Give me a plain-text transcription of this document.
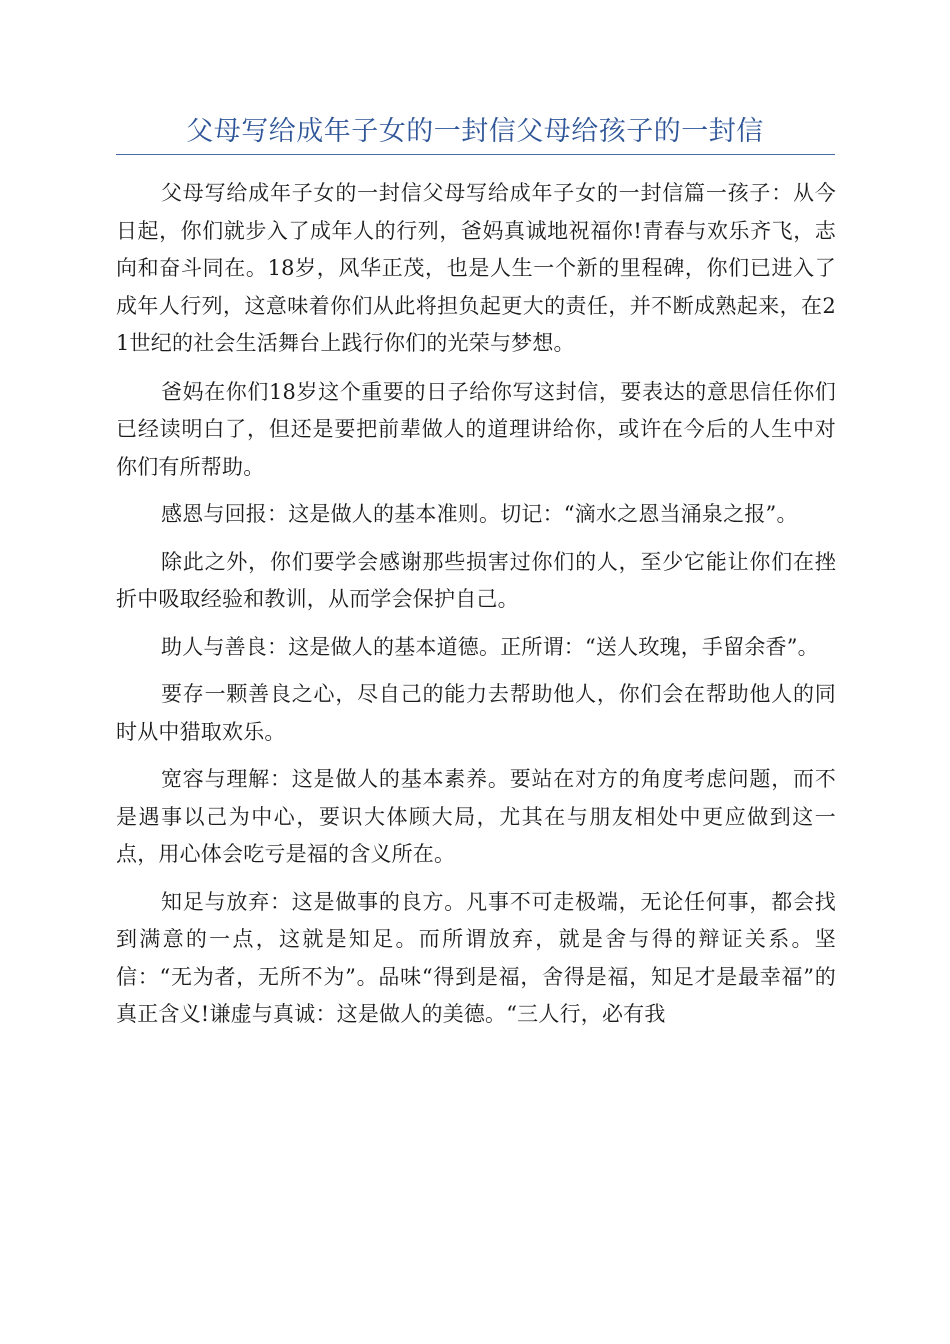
父母写给成年子女的一封信父母给孩子的一封信

父母写给成年子女的一封信父母写给成年子女的一封信篇一孩子：从今日起，你们就步入了成年人的行列，爸妈真诚地祝福你!青春与欢乐齐飞，志向和奋斗同在。18岁，风华正茂，也是人生一个新的里程碑，你们已进入了成年人行列，这意味着你们从此将担负起更大的责任，并不断成熟起来，在21世纪的社会生活舞台上践行你们的光荣与梦想。

爸妈在你们18岁这个重要的日子给你写这封信，要表达的意思信任你们已经读明白了，但还是要把前辈做人的道理讲给你，或许在今后的人生中对你们有所帮助。

感恩与回报：这是做人的基本准则。切记：“滴水之恩当涌泉之报”。

除此之外，你们要学会感谢那些损害过你们的人，至少它能让你们在挫折中吸取经验和教训，从而学会保护自己。

助人与善良：这是做人的基本道德。正所谓：“送人玫瑰，手留余香”。

要存一颗善良之心，尽自己的能力去帮助他人，你们会在帮助他人的同时从中猎取欢乐。

宽容与理解：这是做人的基本素养。要站在对方的角度考虑问题，而不是遇事以己为中心，要识大体顾大局，尤其在与朋友相处中更应做到这一点，用心体会吃亏是福的含义所在。

知足与放弃：这是做事的良方。凡事不可走极端，无论任何事，都会找到满意的一点，这就是知足。而所谓放弃，就是舍与得的辩证关系。坚信：“无为者，无所不为”。品味“得到是福，舍得是福，知足才是最幸福”的真正含义!谦虚与真诚：这是做人的美德。“三人行，必有我
